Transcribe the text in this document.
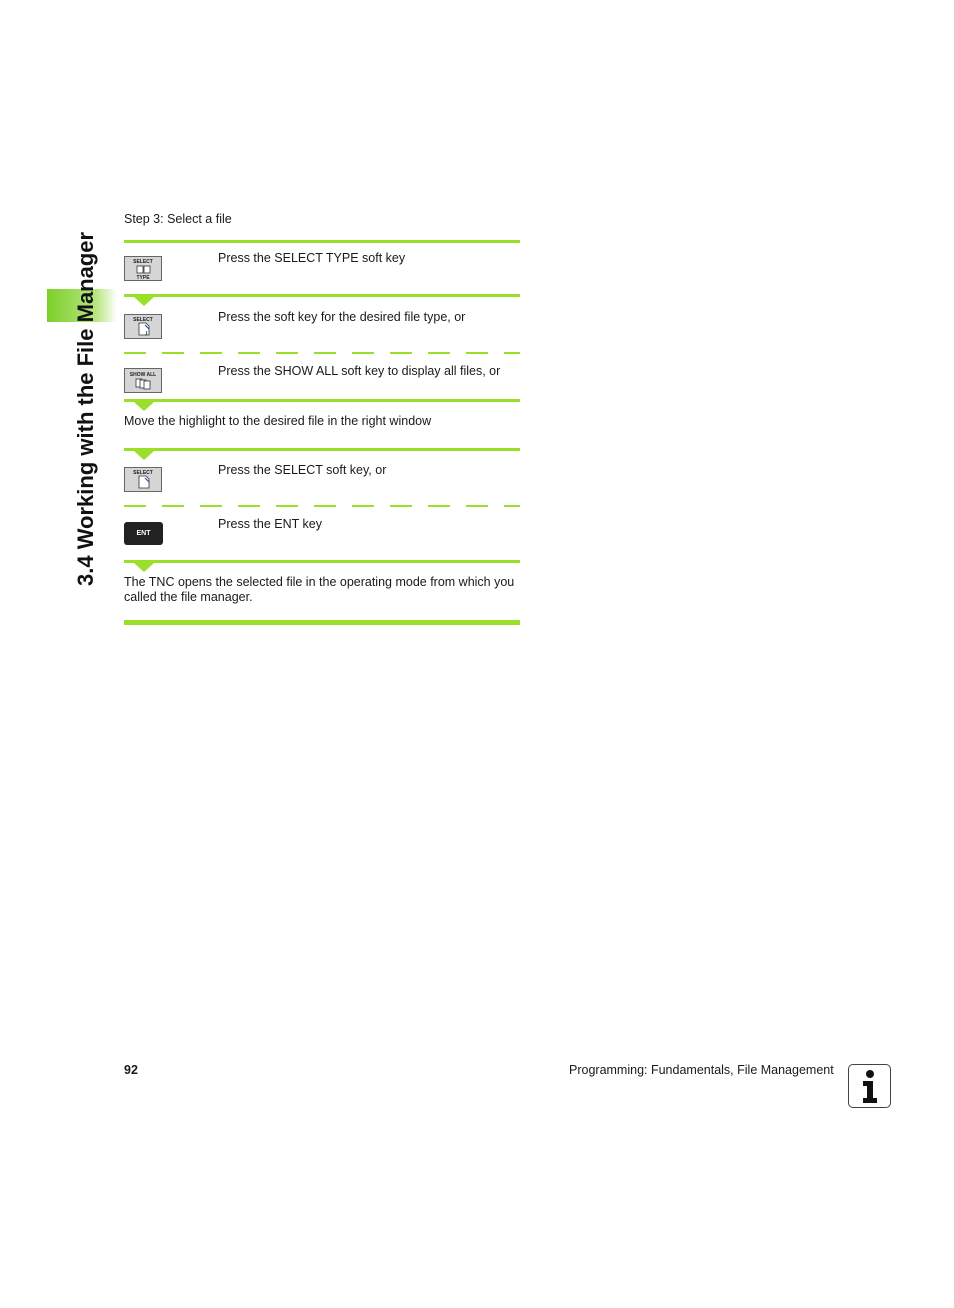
3.4 Working with the File Manager
Step 3: Select a file
SELECT
TYPE
Press the SELECT TYPE soft key
SELECT
.I
Press the soft key for the desired file type, or
SHOW ALL	Press the SHOW ALL soft key to display all files, or
Move the highlight to the desired file in the right window
SELECT	Press the SELECT soft key, or
ENT
Press the ENT key
The TNC opens the selected file in the operating mode from which you called the file manager.
92	Programming: Fundamentals, File Management
